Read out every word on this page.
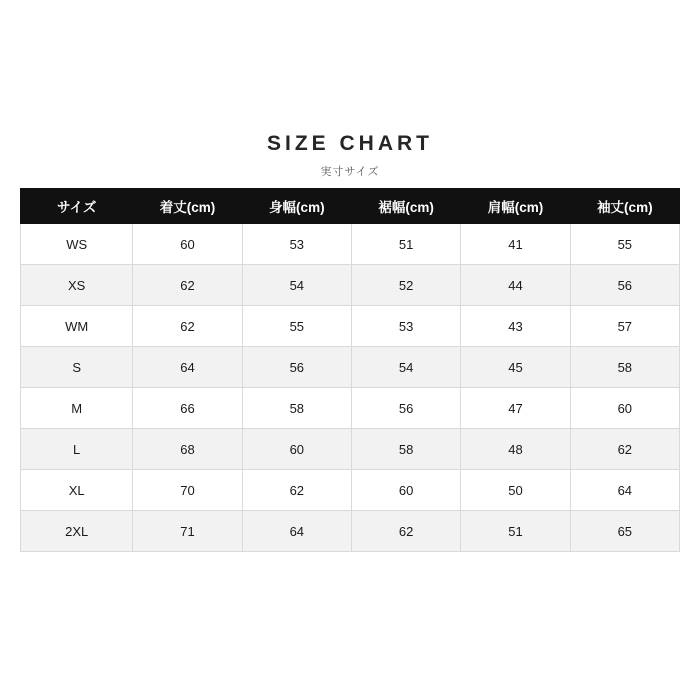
SIZE CHART
実寸サイズ
サイズ	着丈(cm)	身幅(cm)	裾幅(cm)	肩幅(cm)	袖丈(cm)
WS	60	53	51	41	55
XS	62	54	52	44	56
WM	62	55	53	43	57
S	64	56	54	45	58
M	66	58	56	47	60
L	68	60	58	48	62
XL	70	62	60	50	64
2XL	71	64	62	51	65
